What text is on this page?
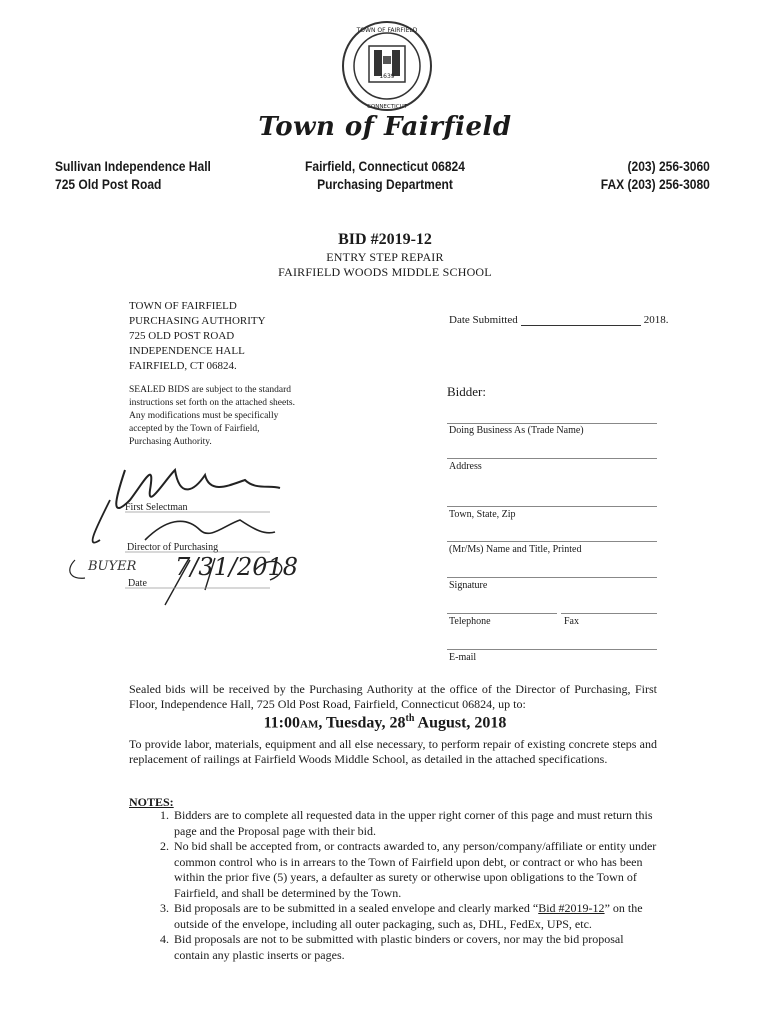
1639
TOWN OF FAIRFIELD
CONNECTICUT
SEAL
Town of Fairfield
Sullivan Independence Hall
725 Old Post Road
Fairfield, Connecticut 06824
Purchasing Department
(203) 256-3060
FAX (203) 256-3080
BID #2019-12
ENTRY STEP REPAIR
FAIRFIELD WOODS MIDDLE SCHOOL
TOWN OF FAIRFIELD
PURCHASING AUTHORITY
725 OLD POST ROAD
INDEPENDENCE HALL
FAIRFIELD, CT 06824.
SEALED BIDS are subject to the standard
instructions set forth on the attached sheets.
Any modifications must be specifically
accepted by the Town of Fairfield,
Purchasing Authority.
First Selectman
Director of Purchasing
Date
BUYER 7/31/2018
Date Submitted	2018.
Bidder:
Doing Business As (Trade Name)
Address
Town, State, Zip
(Mr/Ms) Name and Title, Printed
Signature
Telephone	Fax
E-mail
Sealed bids will be received by the Purchasing Authority at the office of the Director of Purchasing, First Floor, Independence Hall, 725 Old Post Road, Fairfield, Connecticut 06824, up to:
11:00AM, Tuesday, 28th August, 2018
To provide labor, materials, equipment and all else necessary, to perform repair of existing concrete steps and replacement of railings at Fairfield Woods Middle School, as detailed in the attached specifications.
NOTES:
1. Bidders are to complete all requested data in the upper right corner of this page and must return this page and the Proposal page with their bid.
2. No bid shall be accepted from, or contracts awarded to, any person/company/affiliate or entity under common control who is in arrears to the Town of Fairfield upon debt, or contract or who has been within the prior five (5) years, a defaulter as surety or otherwise upon obligations to the Town of Fairfield, and shall be determined by the Town.
3. Bid proposals are to be submitted in a sealed envelope and clearly marked “Bid #2019-12” on the outside of the envelope, including all outer packaging, such as, DHL, FedEx, UPS, etc.
4. Bid proposals are not to be submitted with plastic binders or covers, nor may the bid proposal contain any plastic inserts or pages.
